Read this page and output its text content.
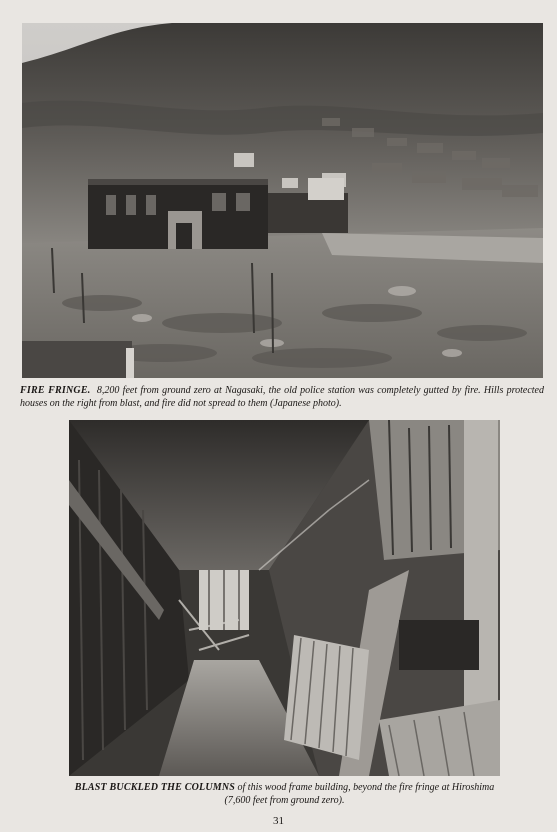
FIRE FRINGE. 8,200 feet from ground zero at Nagasaki, the old police station was completely gutted by fire. Hills protected houses on the right from blast, and fire did not spread to them (Japanese photo).
BLAST BUCKLED THE COLUMNS of this wood frame building, beyond the fire fringe at Hiroshima (7,600 feet from ground zero).
31
